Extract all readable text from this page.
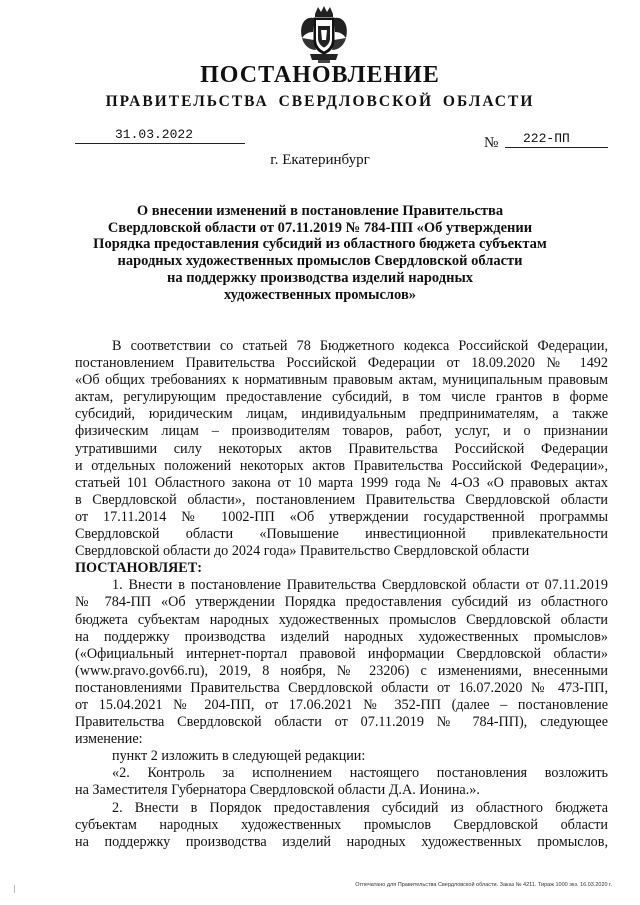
ПОСТАНОВЛЕНИЕ
ПРАВИТЕЛЬСТВА СВЕРДЛОВСКОЙ ОБЛАСТИ
31.03.2022
№	222-ПП
г. Екатеринбург
О внесении изменений в постановление Правительства
Свердловской области от 07.11.2019 № 784-ПП «Об утверждении
Порядка предоставления субсидий из областного бюджета субъектам
народных художественных промыслов Свердловской области
на поддержку производства изделий народных
художественных промыслов»
В соответствии со статьей 78 Бюджетного кодекса Российской Федерации,
постановлением Правительства Российской Федерации от 18.09.2020 № 1492
«Об общих требованиях к нормативным правовым актам, муниципальным правовым
актам, регулирующим предоставление субсидий, в том числе грантов в форме
субсидий, юридическим лицам, индивидуальным предпринимателям, а также
физическим лицам – производителям товаров, работ, услуг, и о признании
утратившими силу некоторых актов Правительства Российской Федерации
и отдельных положений некоторых актов Правительства Российской Федерации»,
статьей 101 Областного закона от 10 марта 1999 года № 4-ОЗ «О правовых актах
в Свердловской области», постановлением Правительства Свердловской области
от 17.11.2014 № 1002-ПП «Об утверждении государственной программы
Свердловской области «Повышение инвестиционной привлекательности
Свердловской области до 2024 года» Правительство Свердловской области
ПОСТАНОВЛЯЕТ:
1. Внести в постановление Правительства Свердловской области от 07.11.2019
№ 784-ПП «Об утверждении Порядка предоставления субсидий из областного
бюджета субъектам народных художественных промыслов Свердловской области
на поддержку производства изделий народных художественных промыслов»
(«Официальный интернет-портал правовой информации Свердловской области»
(www.pravo.gov66.ru), 2019, 8 ноября, № 23206) с изменениями, внесенными
постановлениями Правительства Свердловской области от 16.07.2020 № 473-ПП,
от 15.04.2021 № 204-ПП, от 17.06.2021 № 352-ПП (далее – постановление
Правительства Свердловской области от 07.11.2019 № 784-ПП), следующее
изменение:
пункт 2 изложить в следующей редакции:
«2. Контроль за исполнением настоящего постановления возложить
на Заместителя Губернатора Свердловской области Д.А. Ионина.».
2. Внести в Порядок предоставления субсидий из областного бюджета
субъектам народных художественных промыслов Свердловской области
на поддержку производства изделий народных художественных промыслов,
Отпечатано для Правительства Свердловской области. Заказ № 4211. Тираж 1000 экз. 16.03.2020 г.
